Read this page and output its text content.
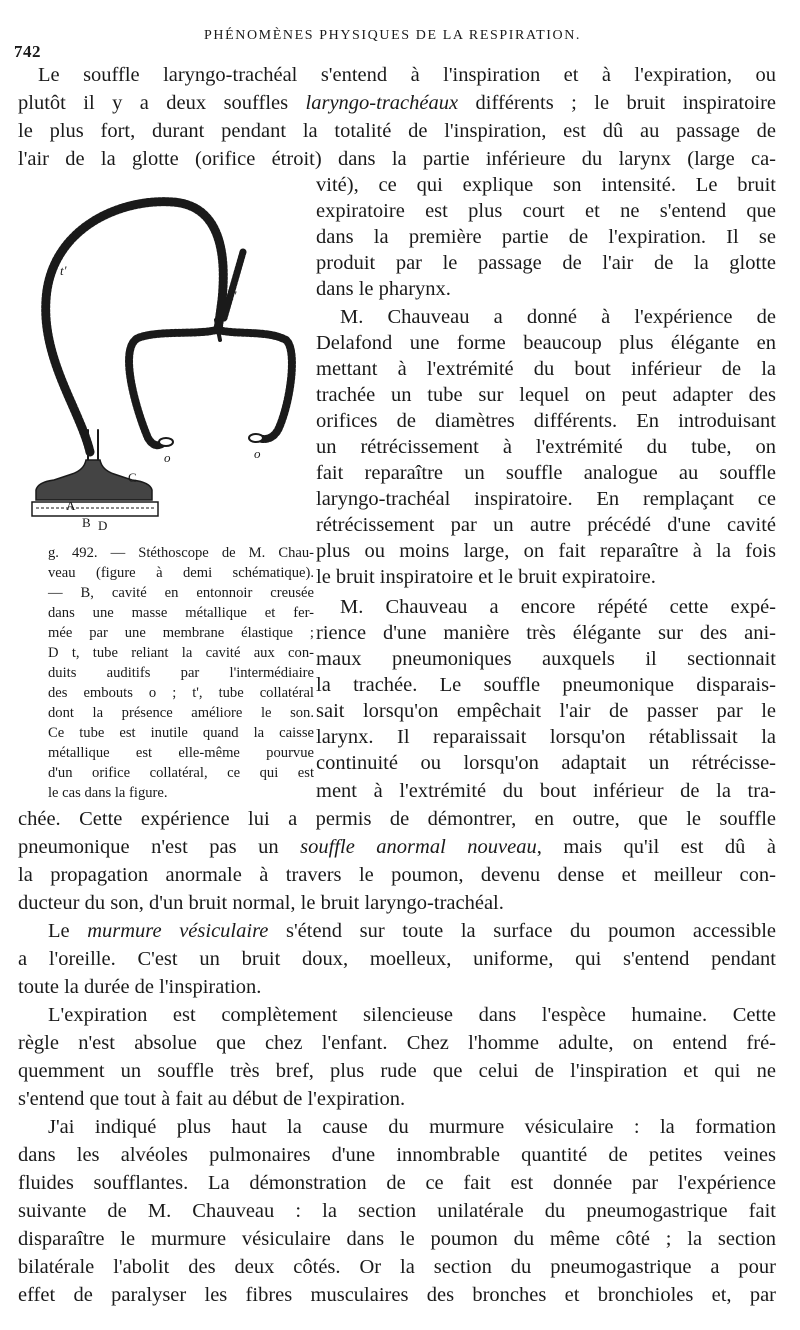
742
PHÉNOMÈNES PHYSIQUES DE LA RESPIRATION.
Le souffle laryngo-trachéal s'entend à l'inspiration et à l'expiration, ou
plutôt il y a deux souffles laryngo-trachéaux différents ; le bruit inspiratoire
le plus fort, durant pendant la totalité de l'inspiration, est dû au passage de
l'air de la glotte (orifice étroit) dans la partie inférieure du larynx (large ca-
t'
t'
o	o
A
B
C
D
g. 492. — Stéthoscope de M. Chau-
veau (figure à demi schématique).
— B, cavité en entonnoir creusée
dans une masse métallique et fer-
mée par une membrane élastique ;
D t, tube reliant la cavité aux con-
duits auditifs par l'intermédiaire
des embouts o ; t', tube collatéral
dont la présence améliore le son.
Ce tube est inutile quand la caisse
métallique est elle-même pourvue
d'un orifice collatéral, ce qui est
le cas dans la figure.
vité), ce qui explique son intensité. Le bruit
expiratoire est plus court et ne s'entend que
dans la première partie de l'expiration. Il se
produit par le passage de l'air de la glotte
dans le pharynx.
M. Chauveau a donné à l'expérience de
Delafond une forme beaucoup plus élégante en
mettant à l'extrémité du bout inférieur de la
trachée un tube sur lequel on peut adapter des
orifices de diamètres différents. En introduisant
un rétrécissement à l'extrémité du tube, on
fait reparaître un souffle analogue au souffle
laryngo-trachéal inspiratoire. En remplaçant ce
rétrécissement par un autre précédé d'une cavité
plus ou moins large, on fait reparaître à la fois
le bruit inspiratoire et le bruit expiratoire.
M. Chauveau a encore répété cette expé-
rience d'une manière très élégante sur des ani-
maux pneumoniques auxquels il sectionnait
la trachée. Le souffle pneumonique disparais-
sait lorsqu'on empêchait l'air de passer par le
larynx. Il reparaissait lorsqu'on rétablissait la
continuité ou lorsqu'on adaptait un rétrécisse-
ment à l'extrémité du bout inférieur de la tra-
chée. Cette expérience lui a permis de démontrer, en outre, que le souffle
pneumonique n'est pas un souffle anormal nouveau, mais qu'il est dû à
la propagation anormale à travers le poumon, devenu dense et meilleur con-
ducteur du son, d'un bruit normal, le bruit laryngo-trachéal.
Le murmure vésiculaire s'étend sur toute la surface du poumon accessible
a l'oreille. C'est un bruit doux, moelleux, uniforme, qui s'entend pendant
toute la durée de l'inspiration.
L'expiration est complètement silencieuse dans l'espèce humaine. Cette
règle n'est absolue que chez l'enfant. Chez l'homme adulte, on entend fré-
quemment un souffle très bref, plus rude que celui de l'inspiration et qui ne
s'entend que tout à fait au début de l'expiration.
J'ai indiqué plus haut la cause du murmure vésiculaire : la formation
dans les alvéoles pulmonaires d'une innombrable quantité de petites veines
fluides soufflantes. La démonstration de ce fait est donnée par l'expérience
suivante de M. Chauveau : la section unilatérale du pneumogastrique fait
disparaître le murmure vésiculaire dans le poumon du même côté ; la section
bilatérale l'abolit des deux côtés. Or la section du pneumogastrique a pour
effet de paralyser les fibres musculaires des bronches et bronchioles et, par
